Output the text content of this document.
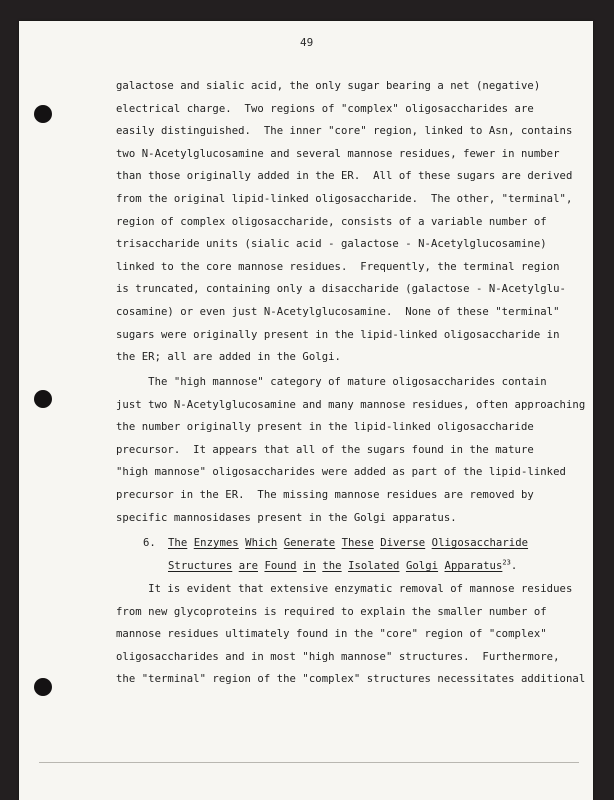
49
galactose and sialic acid, the only sugar bearing a net (negative)
electrical charge.  Two regions of "complex" oligosaccharides are
easily distinguished.  The inner "core" region, linked to Asn, contains
two N-Acetylglucosamine and several mannose residues, fewer in number
than those originally added in the ER.  All of these sugars are derived
from the original lipid-linked oligosaccharide.  The other, "terminal",
region of complex oligosaccharide, consists of a variable number of
trisaccharide units (sialic acid - galactose - N-Acetylglucosamine)
linked to the core mannose residues.  Frequently, the terminal region
is truncated, containing only a disaccharide (galactose - N-Acetylglu-
cosamine) or even just N-Acetylglucosamine.  None of these "terminal"
sugars were originally present in the lipid-linked oligosaccharide in
the ER; all are added in the Golgi.
The "high mannose" category of mature oligosaccharides contain
just two N-Acetylglucosamine and many mannose residues, often approaching
the number originally present in the lipid-linked oligosaccharide
precursor.  It appears that all of the sugars found in the mature
"high mannose" oligosaccharides were added as part of the lipid-linked
precursor in the ER.  The missing mannose residues are removed by
specific mannosidases present in the Golgi apparatus.
6. The Enzymes Which Generate These Diverse Oligosaccharide
Structures are Found in the Isolated Golgi Apparatus$^{23}$.
It is evident that extensive enzymatic removal of mannose residues
from new glycoproteins is required to explain the smaller number of
mannose residues ultimately found in the "core" region of "complex"
oligosaccharides and in most "high mannose" structures.  Furthermore,
the "terminal" region of the "complex" structures necessitates additional
